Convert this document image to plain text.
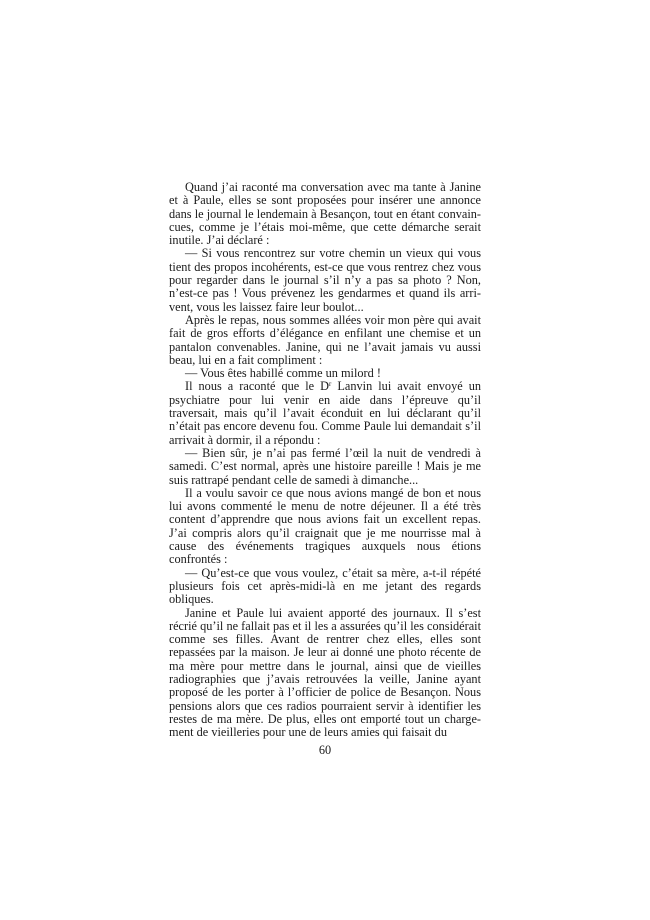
Quand j’ai raconté ma conversation avec ma tante à Janine et à Paule, elles se sont proposées pour insérer une annonce dans le journal le lendemain à Besançon, tout en étant convain-cues, comme je l’étais moi-même, que cette démarche serait inutile. J’ai déclaré :

— Si vous rencontrez sur votre chemin un vieux qui vous tient des propos incohérents, est-ce que vous rentrez chez vous pour regarder dans le journal s’il n’y a pas sa photo ? Non, n’est-ce pas ! Vous prévenez les gendarmes et quand ils arri-vent, vous les laissez faire leur boulot...

Après le repas, nous sommes allées voir mon père qui avait fait de gros efforts d’élégance en enfilant une chemise et un pantalon convenables. Janine, qui ne l’avait jamais vu aussi beau, lui en a fait compliment :

— Vous êtes habillé comme un milord !

Il nous a raconté que le $D^r$ Lanvin lui avait envoyé un psychiatre pour lui venir en aide dans l’épreuve qu’il traversait, mais qu’il l’avait éconduit en lui déclarant qu’il n’était pas encore devenu fou. Comme Paule lui demandait s’il arrivait à dormir, il a répondu :

— Bien sûr, je n’ai pas fermé l’œil la nuit de vendredi à samedi. C’est normal, après une histoire pareille ! Mais je me suis rattrapé pendant celle de samedi à dimanche...

Il a voulu savoir ce que nous avions mangé de bon et nous lui avons commenté le menu de notre déjeuner. Il a été très content d’apprendre que nous avions fait un excellent repas. J’ai compris alors qu’il craignait que je me nourrisse mal à cause des événements tragiques auxquels nous étions confrontés :

— Qu’est-ce que vous voulez, c’était sa mère, a-t-il répété plusieurs fois cet après-midi-là en me jetant des regards obliques.

Janine et Paule lui avaient apporté des journaux. Il s’est récrié qu’il ne fallait pas et il les a assurées qu’il les considérait comme ses filles. Avant de rentrer chez elles, elles sont repassées par la maison. Je leur ai donné une photo récente de ma mère pour mettre dans le journal, ainsi que de vieilles radiographies que j’avais retrouvées la veille, Janine ayant proposé de les porter à l’officier de police de Besançon. Nous pensions alors que ces radios pourraient servir à identifier les restes de ma mère. De plus, elles ont emporté tout un charge-ment de vieilleries pour une de leurs amies qui faisait du

60
